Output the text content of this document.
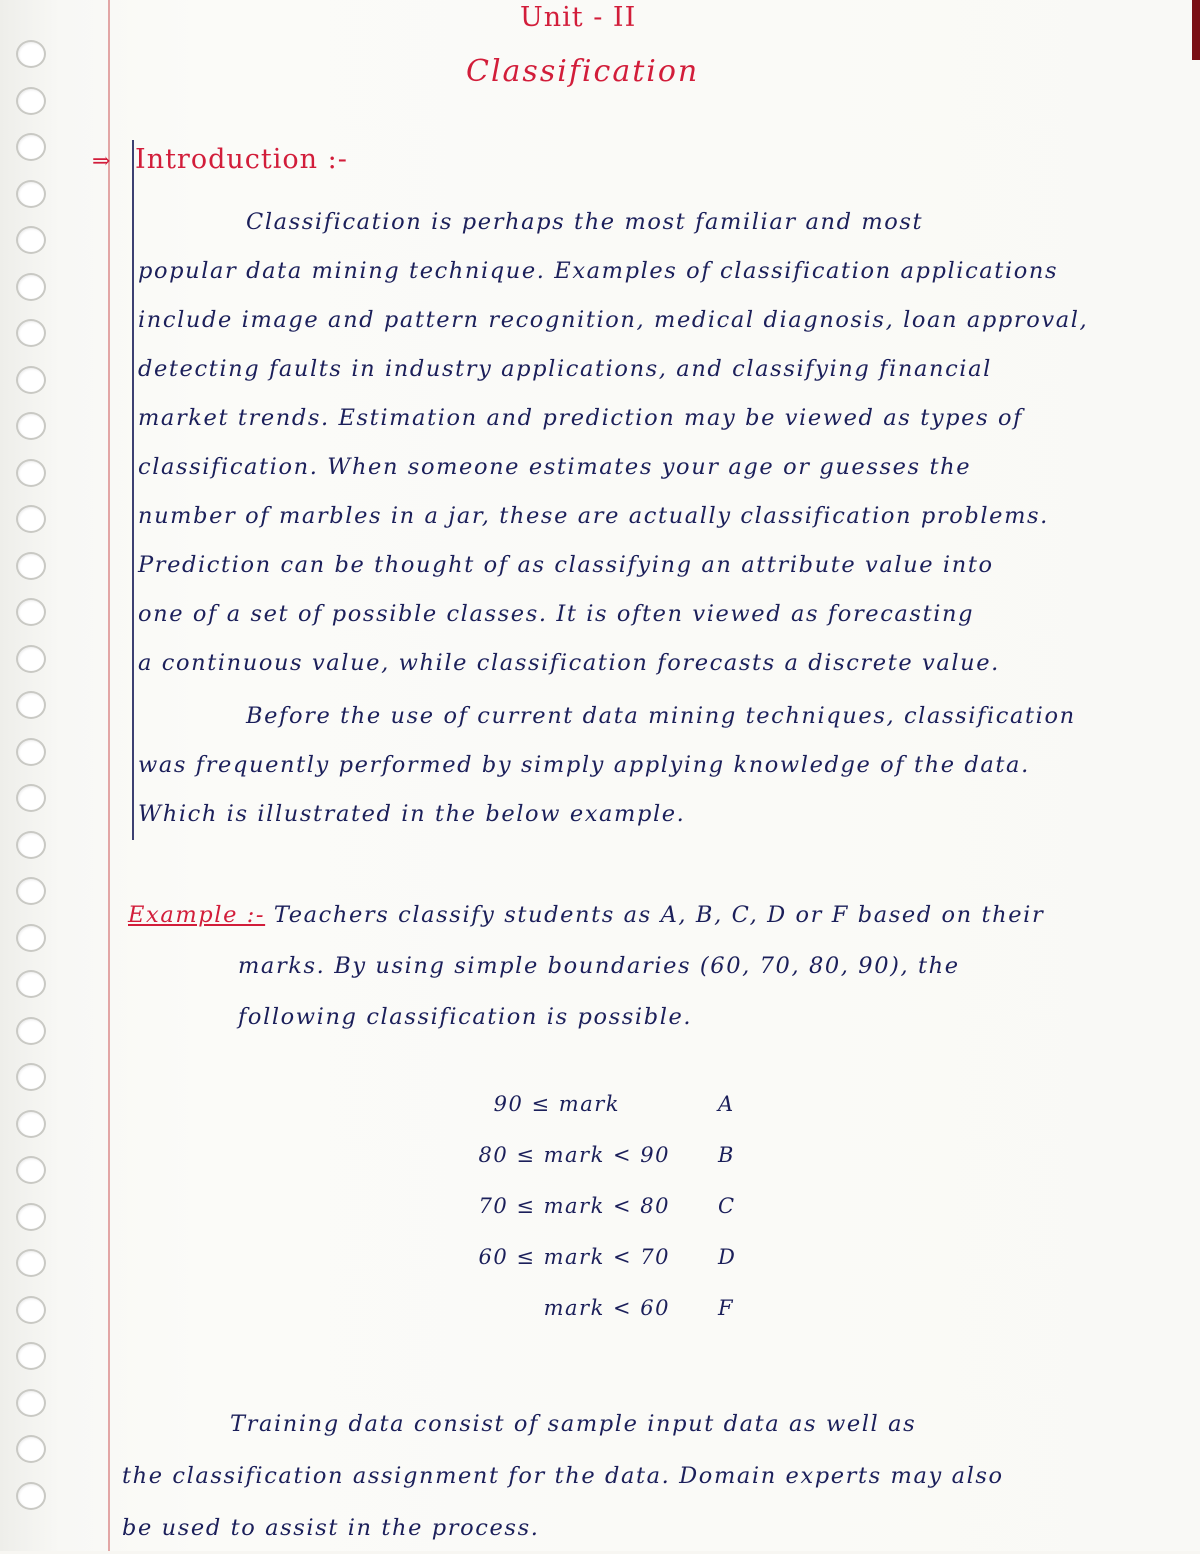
Unit - II
Classification
⇒ Introduction :-
Classification is perhaps the most familiar and most
popular data mining technique. Examples of classification applications
include image and pattern recognition, medical diagnosis, loan approval,
detecting faults in industry applications, and classifying financial
market trends. Estimation and prediction may be viewed as types of
classification. When someone estimates your age or guesses the
number of marbles in a jar, these are actually classification problems.
Prediction can be thought of as classifying an attribute value into
one of a set of possible classes. It is often viewed as forecasting
a continuous value, while classification forecasts a discrete value.
Before the use of current data mining techniques, classification
was frequently performed by simply applying knowledge of the data.
Which is illustrated in the below example.
Example :- Teachers classify students as A, B, C, D or F based on their
marks. By using simple boundaries (60, 70, 80, 90), the
following classification is possible.
90 ≤ mark	A
80 ≤ mark < 90 B
70 ≤ mark < 80 C
60 ≤ mark < 70 D
mark < 60 F
Training data consist of sample input data as well as
the classification assignment for the data. Domain experts may also
be used to assist in the process.
